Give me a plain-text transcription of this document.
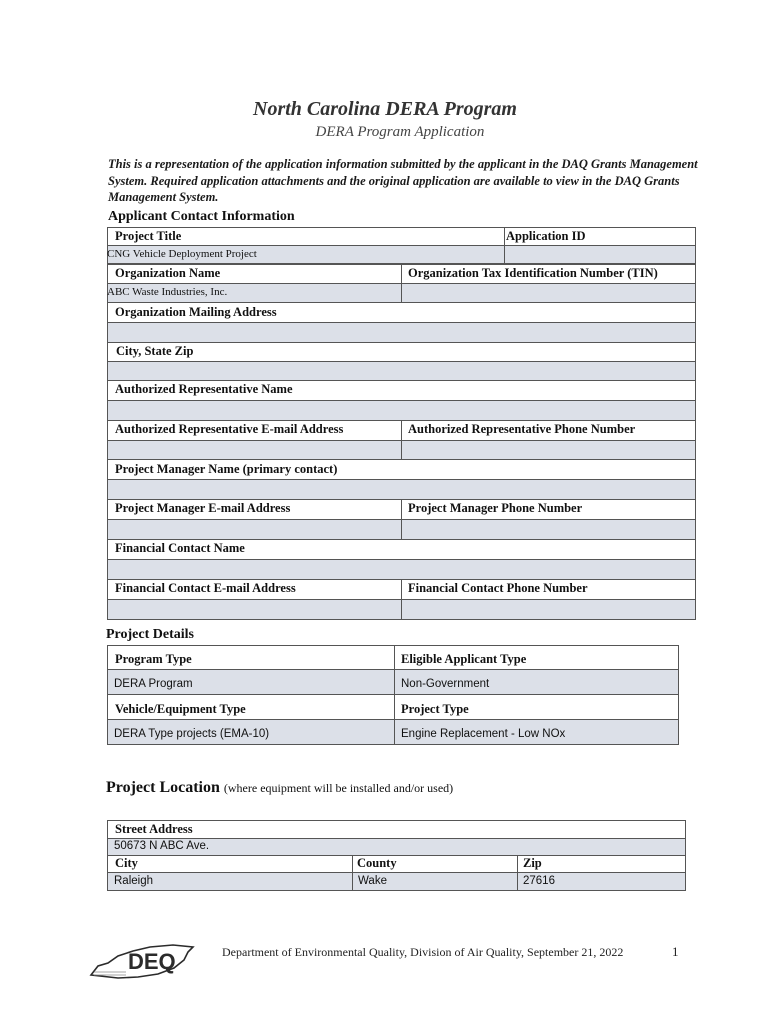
North Carolina DERA Program
DERA Program Application
This is a representation of the application information submitted by the applicant in the DAQ Grants Management System. Required application attachments and the original application are available to view in the DAQ Grants Management System.
Applicant Contact Information
Project Title	Application ID
CNG Vehicle Deployment Project
Organization Name	Organization Tax Identification Number (TIN)
ABC Waste Industries, Inc.
Organization Mailing Address
City, State Zip
Authorized Representative Name
Authorized Representative E-mail Address	Authorized Representative Phone Number
Project Manager Name (primary contact)
Project Manager E-mail Address	Project Manager Phone Number
Financial Contact Name
Financial Contact E-mail Address	Financial Contact Phone Number
Project Details
Program Type	Eligible Applicant Type
DERA Program	Non-Government
Vehicle/Equipment Type	Project Type
DERA Type projects (EMA-10)	Engine Replacement - Low NOx
Project Location (where equipment will be installed and/or used)
Street Address
50673 N ABC Ave.
City	County	Zip
Raleigh	Wake	27616
DEQ	Department of Environmental Quality, Division of Air Quality, September 21, 2022	1
